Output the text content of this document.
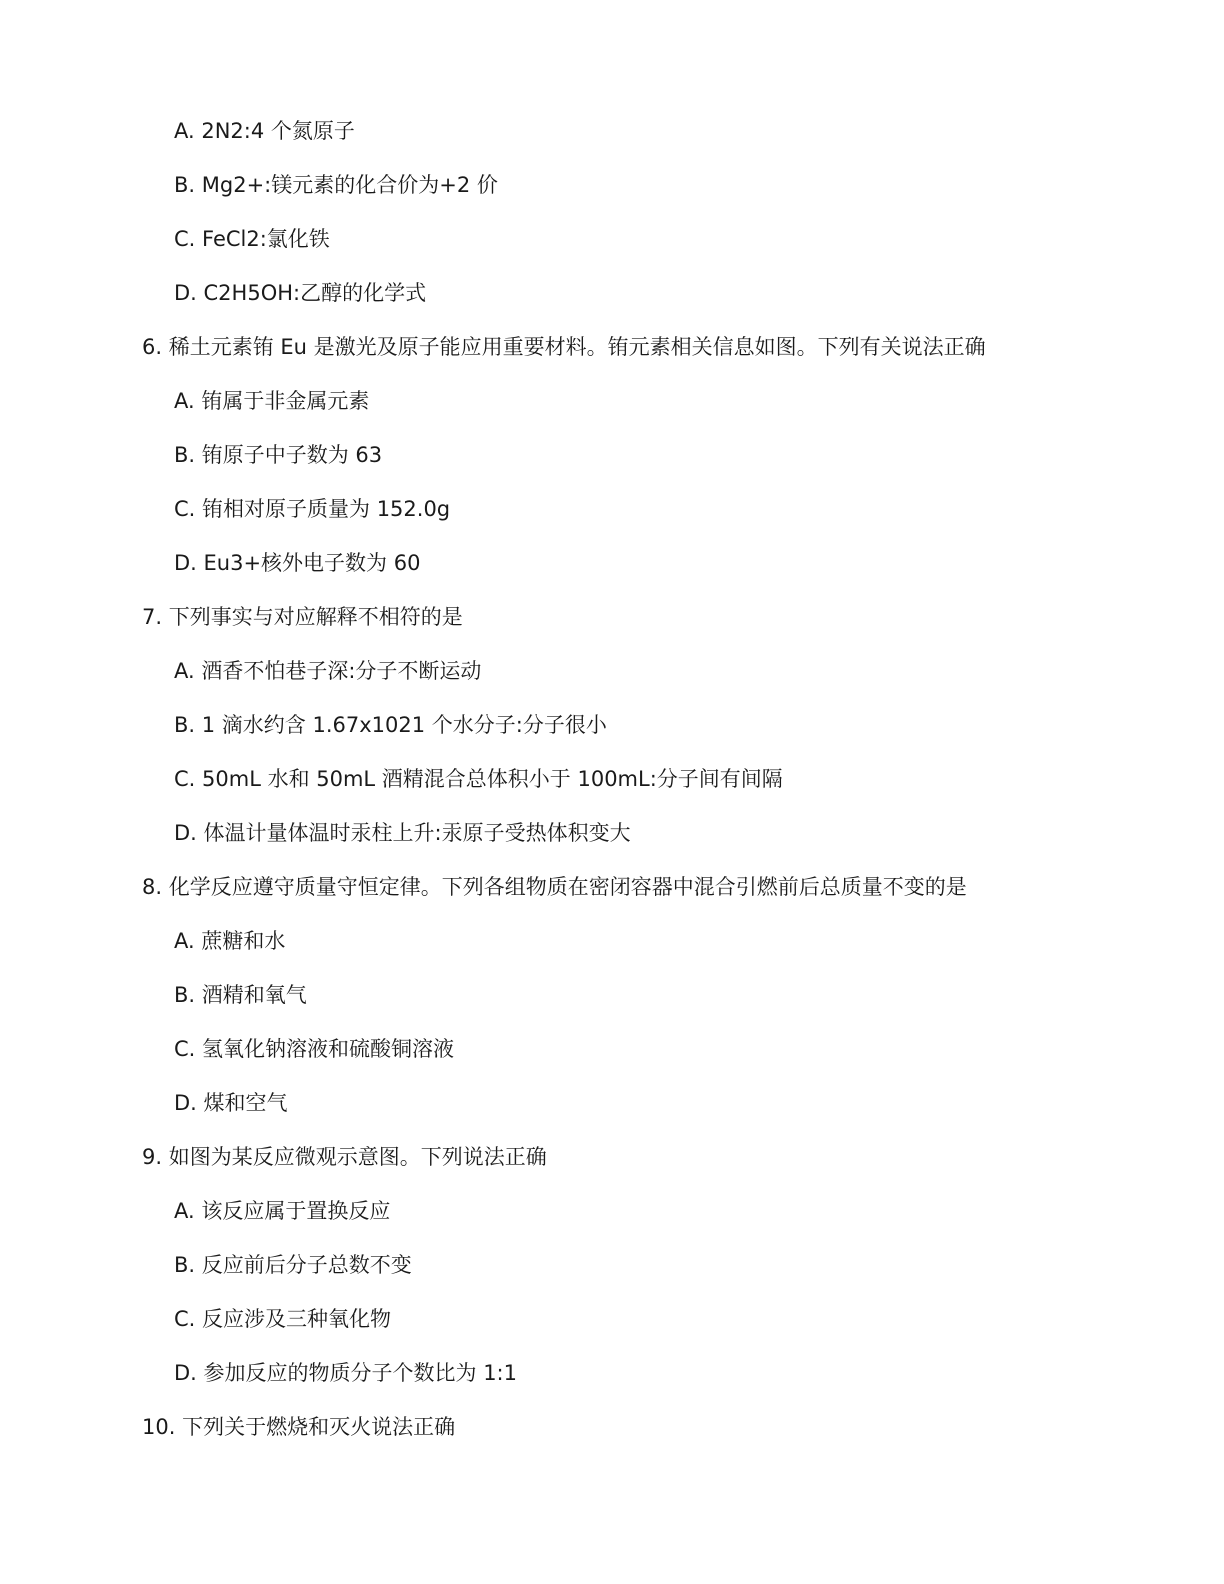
A. 2N2:4 个氮原子
B. Mg2+:镁元素的化合价为+2 价
C. FeCl2:氯化铁
D. C2H5OH:乙醇的化学式
6. 稀土元素铕 Eu 是激光及原子能应用重要材料。铕元素相关信息如图。下列有关说法正确
A. 铕属于非金属元素
B. 铕原子中子数为 63
C. 铕相对原子质量为 152.0g
D. Eu3+核外电子数为 60
7. 下列事实与对应解释不相符的是
A. 酒香不怕巷子深:分子不断运动
B. 1 滴水约含 1.67x1021 个水分子:分子很小
C. 50mL 水和 50mL 酒精混合总体积小于 100mL:分子间有间隔
D. 体温计量体温时汞柱上升:汞原子受热体积变大
8. 化学反应遵守质量守恒定律。下列各组物质在密闭容器中混合引燃前后总质量不变的是
A. 蔗糖和水
B. 酒精和氧气
C. 氢氧化钠溶液和硫酸铜溶液
D. 煤和空气
9. 如图为某反应微观示意图。下列说法正确
A. 该反应属于置换反应
B. 反应前后分子总数不变
C. 反应涉及三种氧化物
D. 参加反应的物质分子个数比为 1:1
10. 下列关于燃烧和灭火说法正确
